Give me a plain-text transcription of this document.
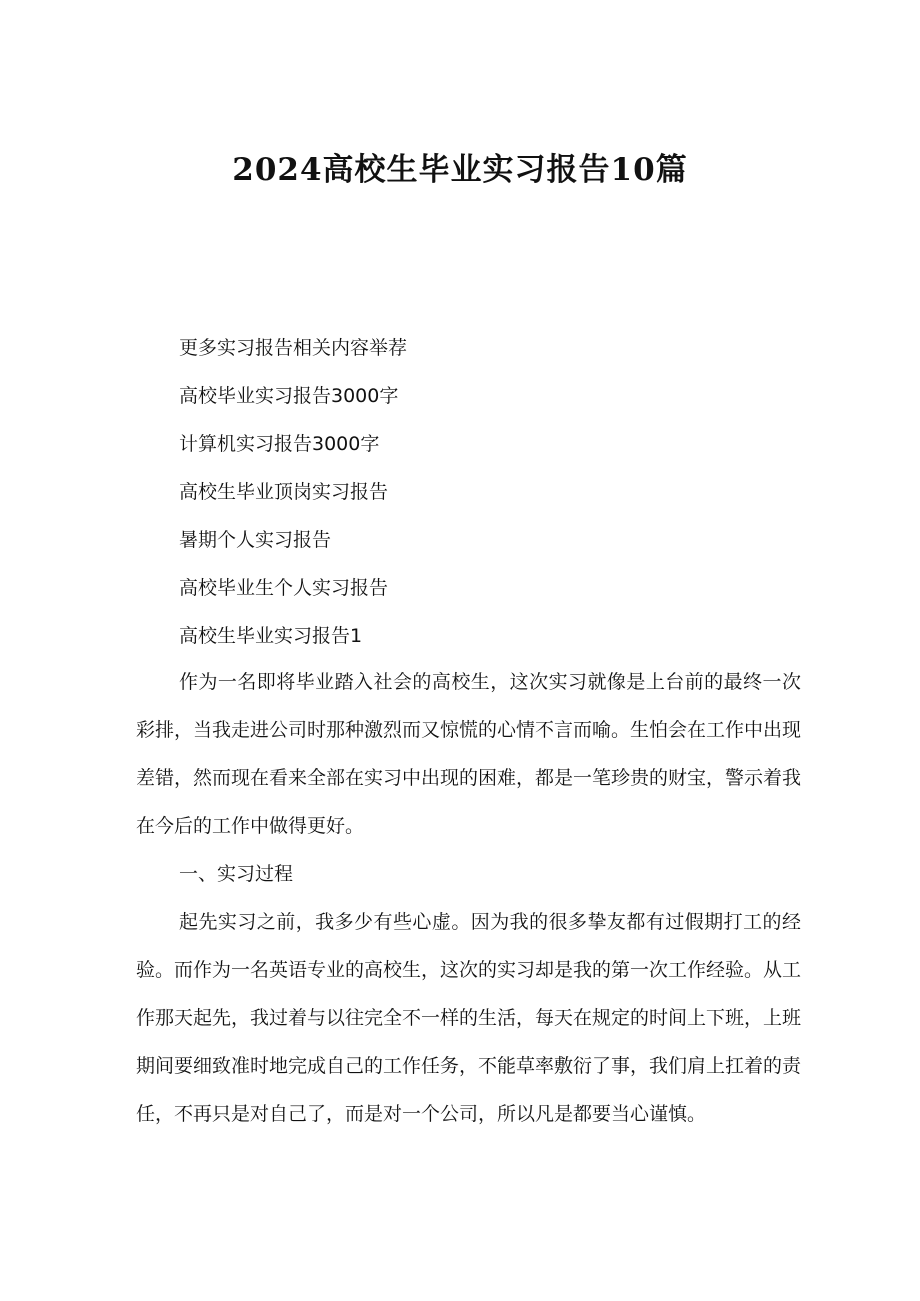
2024高校生毕业实习报告10篇
更多实习报告相关内容举荐
高校毕业实习报告3000字
计算机实习报告3000字
高校生毕业顶岗实习报告
暑期个人实习报告
高校毕业生个人实习报告
高校生毕业实习报告1

作为一名即将毕业踏入社会的高校生，这次实习就像是上台前的最终一次彩排，当我走进公司时那种激烈而又惊慌的心情不言而喻。生怕会在工作中出现差错，然而现在看来全部在实习中出现的困难，都是一笔珍贵的财宝，警示着我在今后的工作中做得更好。

一、实习过程

起先实习之前，我多少有些心虚。因为我的很多挚友都有过假期打工的经验。而作为一名英语专业的高校生，这次的实习却是我的第一次工作经验。从工作那天起先，我过着与以往完全不一样的生活，每天在规定的时间上下班，上班期间要细致准时地完成自己的工作任务，不能草率敷衍了事，我们肩上扛着的责任，不再只是对自己了，而是对一个公司，所以凡是都要当心谨慎。
